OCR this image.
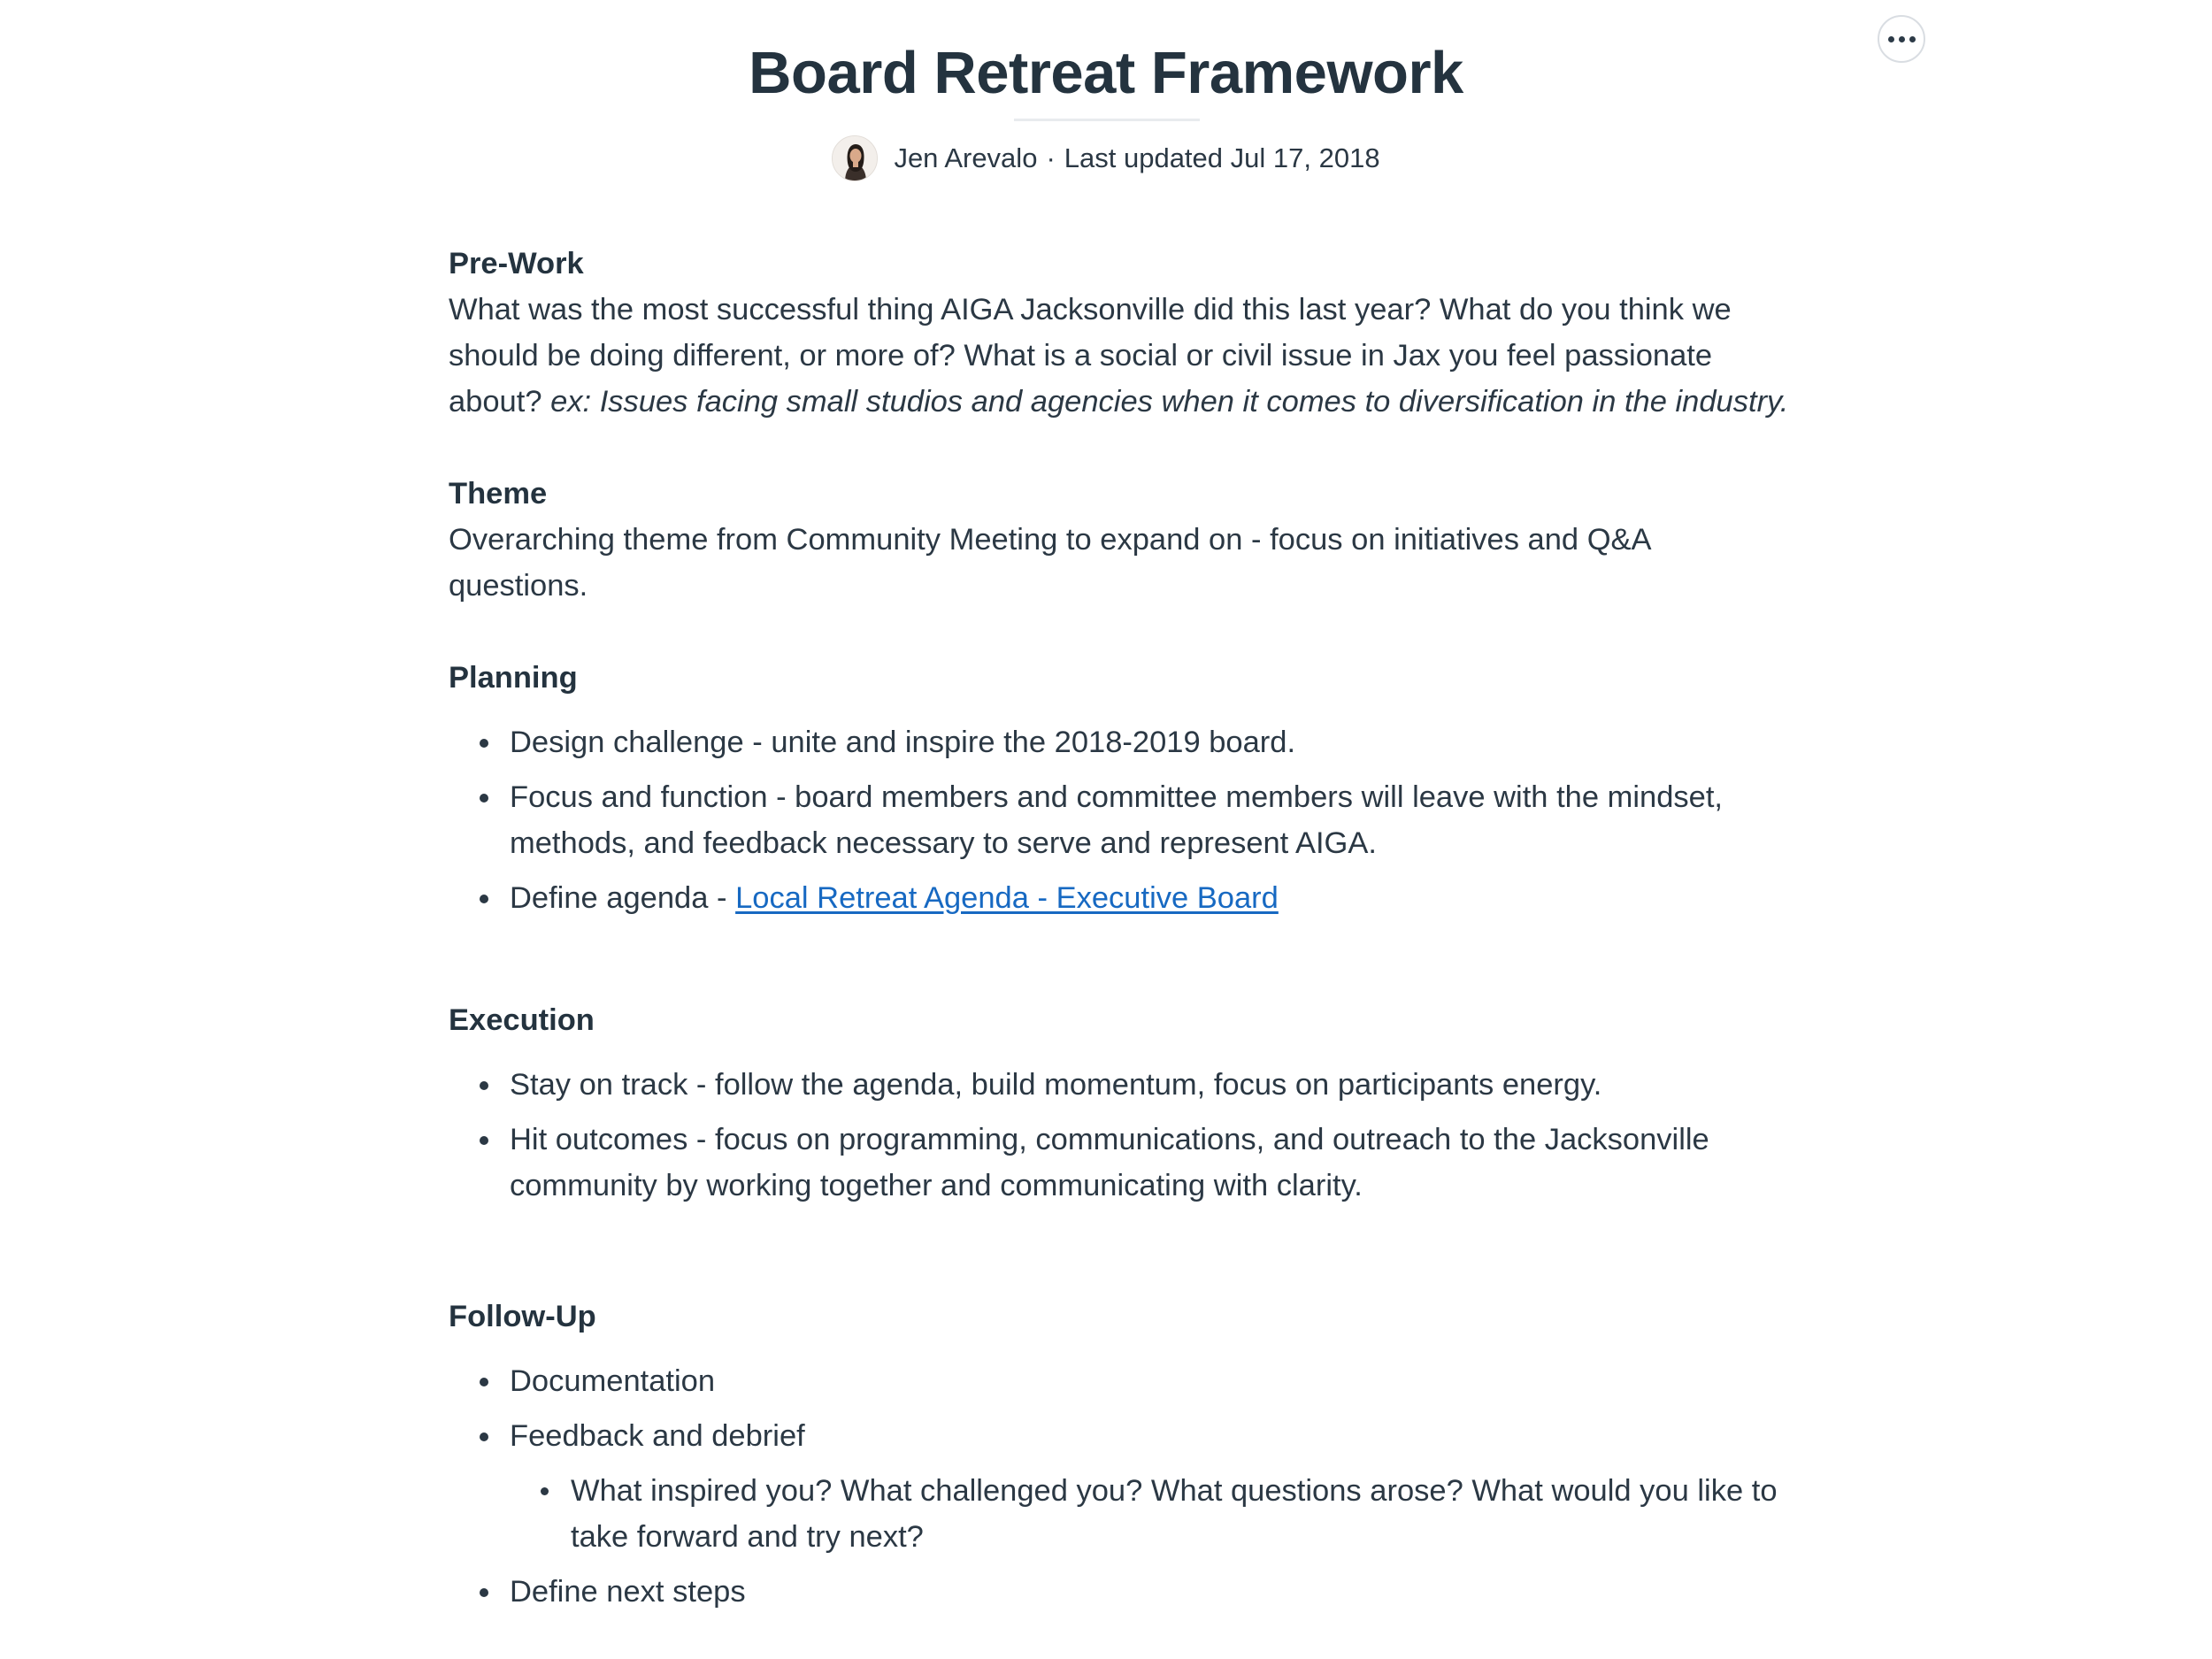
Board Retreat Framework
Jen Arevalo · Last updated Jul 17, 2018
Pre-Work

What was the most successful thing AIGA Jacksonville did this last year? What do you think we should be doing different, or more of? What is a social or civil issue in Jax you feel passionate about? ex: Issues facing small studios and agencies when it comes to diversification in the industry.

Theme

Overarching theme from Community Meeting to expand on - focus on initiatives and Q&A questions.

Planning
Design challenge - unite and inspire the 2018-2019 board.
Focus and function - board members and committee members will leave with the mindset, methods, and feedback necessary to serve and represent AIGA.
Define agenda - Local Retreat Agenda - Executive Board
Execution
Stay on track - follow the agenda, build momentum, focus on participants energy.
Hit outcomes - focus on programming, communications, and outreach to the Jacksonville community by working together and communicating with clarity.
Follow-Up
Documentation
Feedback and debrief
What inspired you? What challenged you? What questions arose? What would you like to take forward and try next?
Define next steps
